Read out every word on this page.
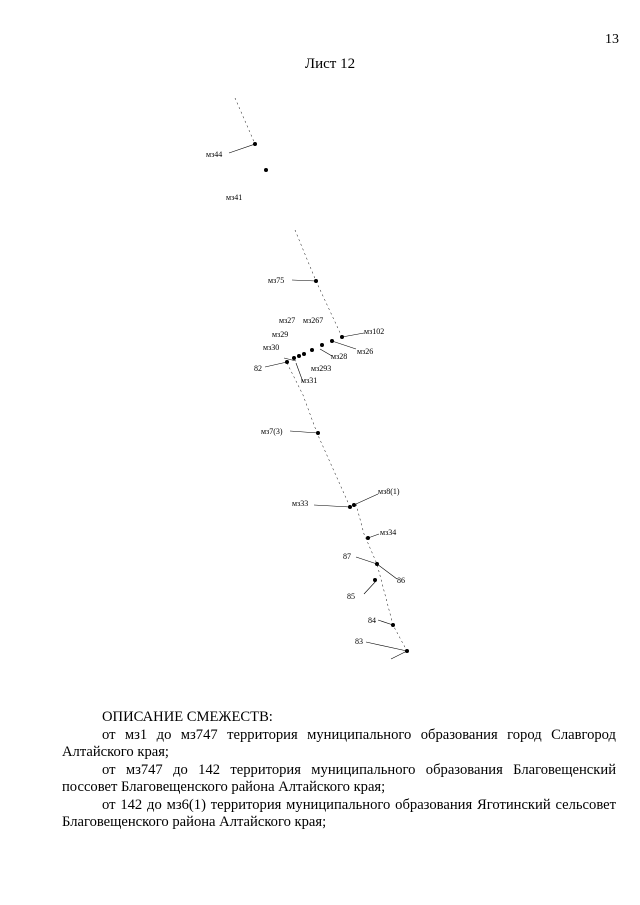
13
Лист 12
мз44
мз41
мз75
мз27 мз267
мз102
мз29
мз30	мз26
мз28
82	мз293
мз31
мз7(3)
мз8(1)
мз33
мз34
87
86
85
84
83

ОПИСАНИЕ СМЕЖЕСТВ:

от мз1 до мз747 территория муниципального образования город Славгород Алтайского края;

от мз747 до 142 территория муниципального образования Благовещенский поссовет Благовещенского района Алтайского края;

от 142 до мз6(1) территория муниципального образования Яготинский сельсовет Благовещенского района Алтайского края;
